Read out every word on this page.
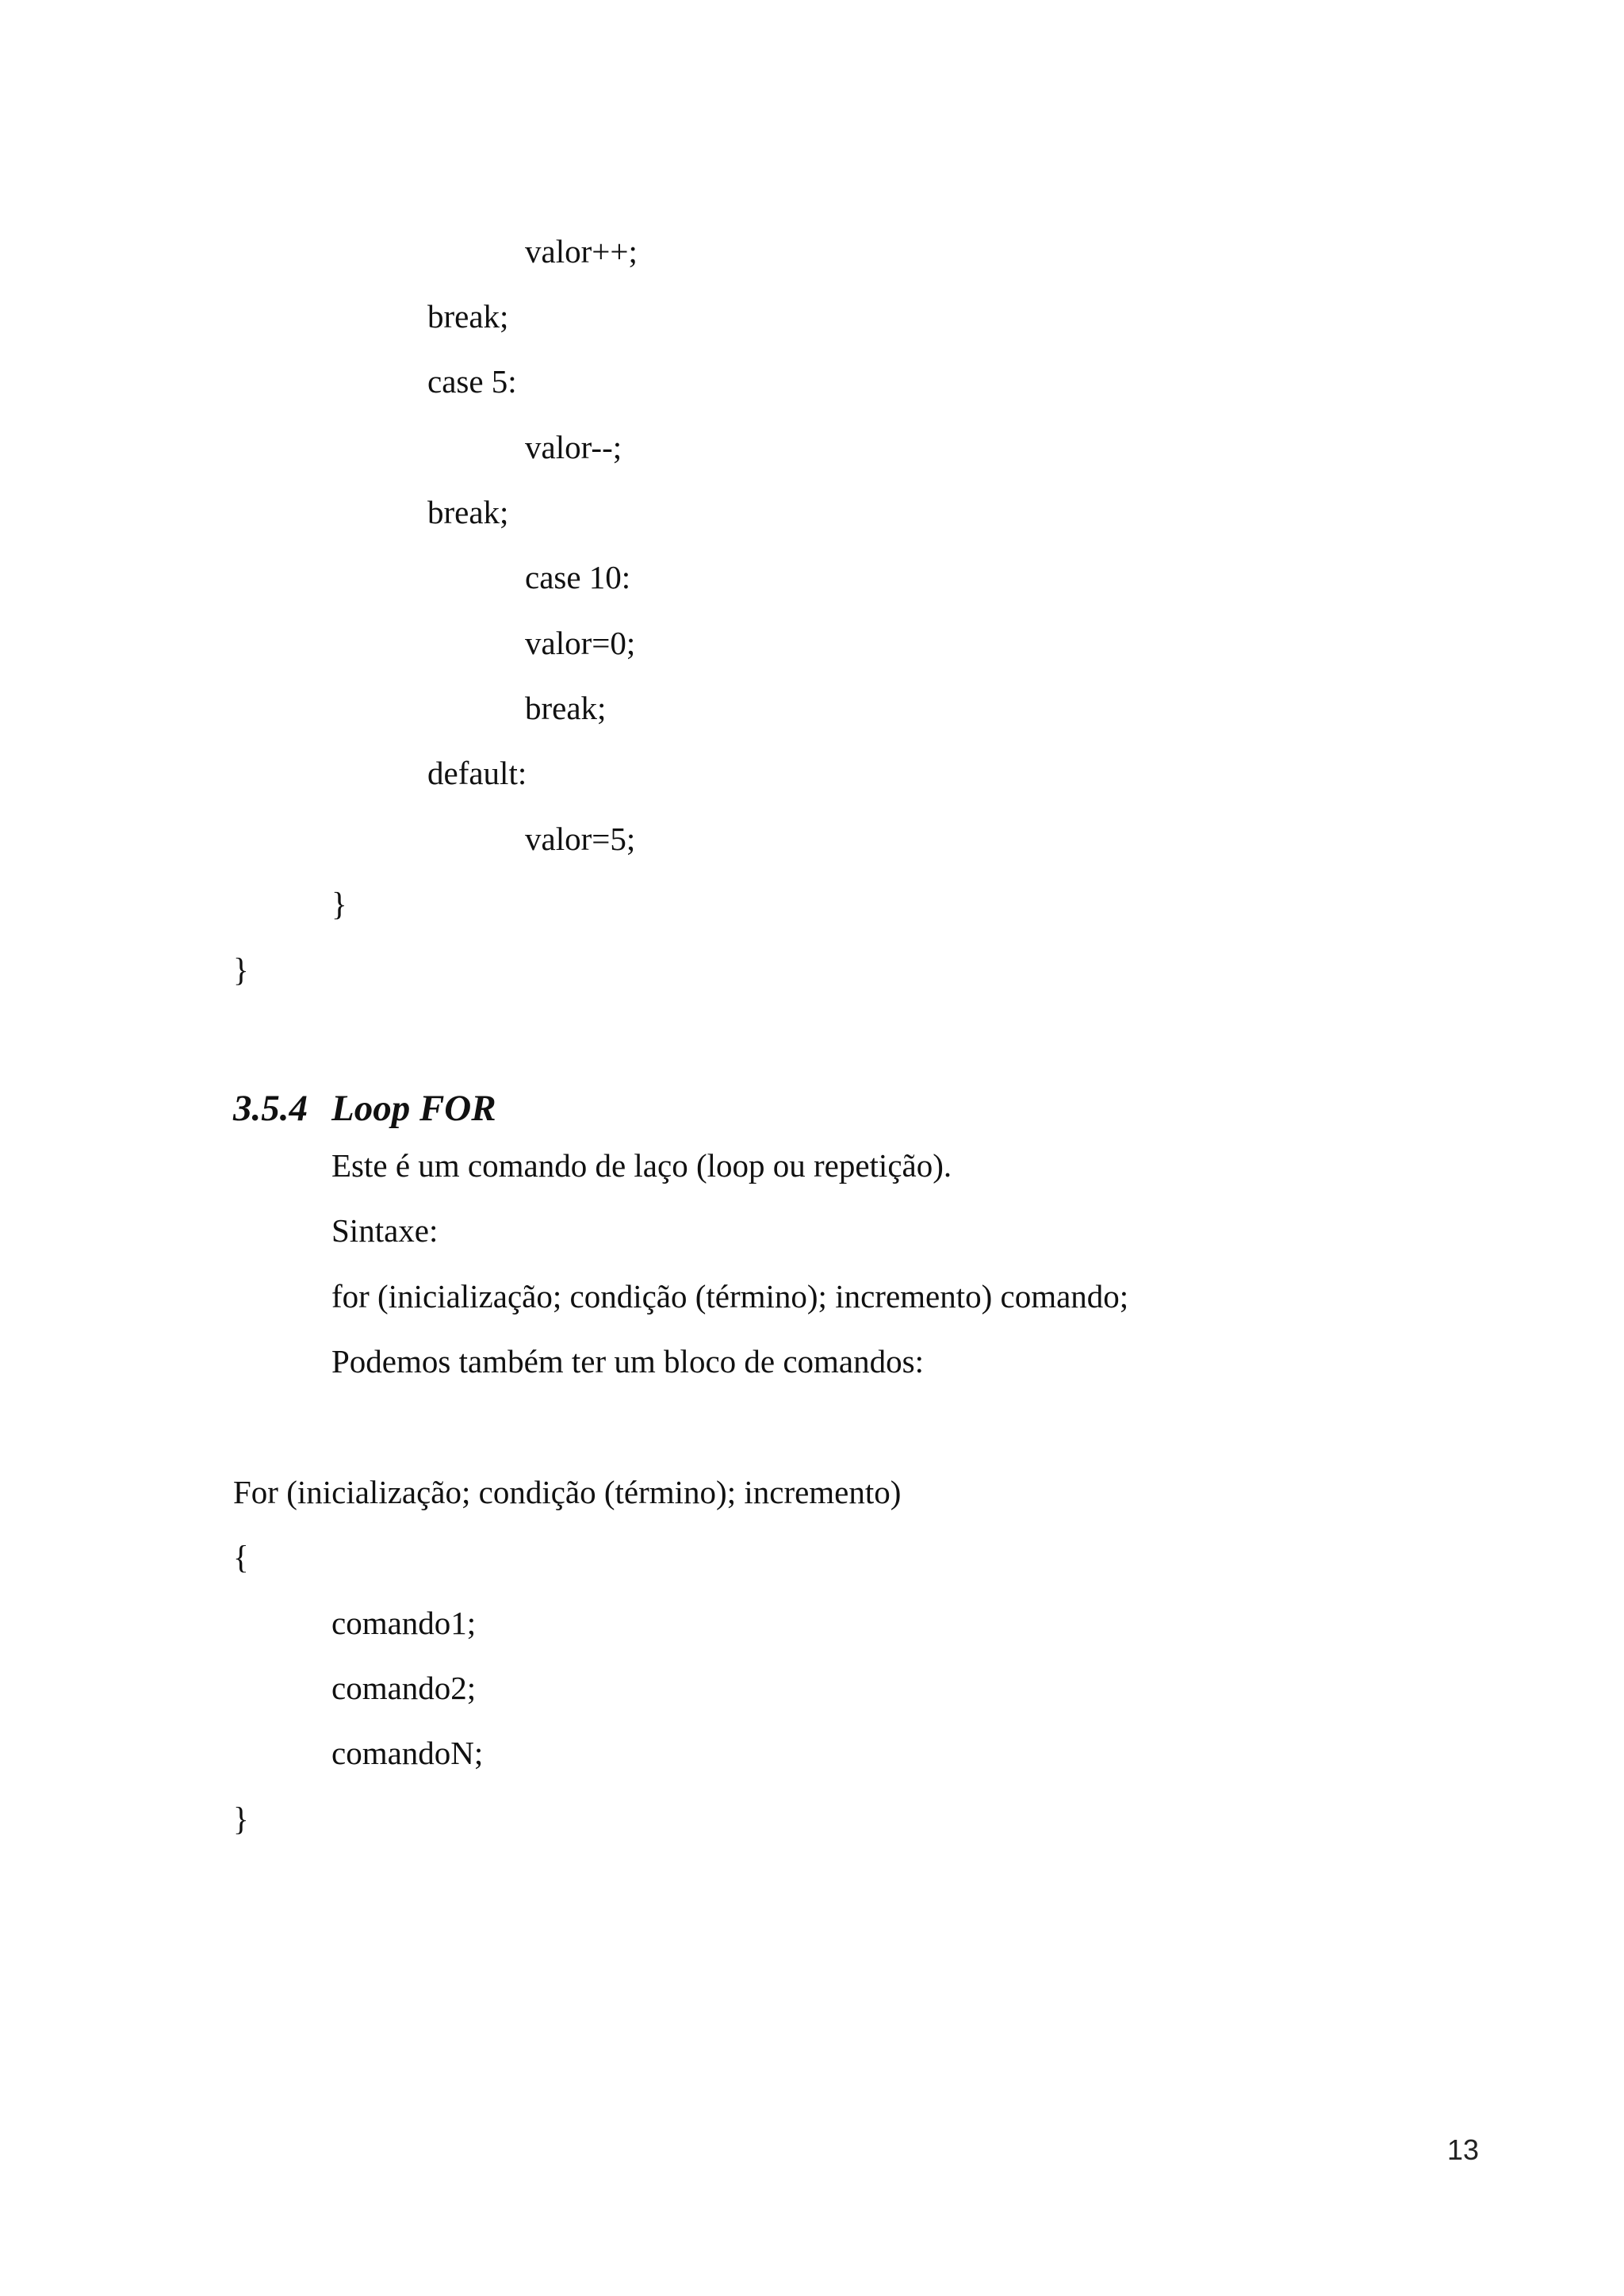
valor++;
break;
case 5:
valor--;
break;
case 10:
valor=0;
break;
default:
valor=5;
}
}
3.5.4 Loop FOR
Este é um comando de laço (loop ou repetição).
Sintaxe:
for (inicialização; condição (término); incremento) comando;
Podemos também ter um bloco de comandos:
For (inicialização; condição (término); incremento)
{
comando1;
comando2;
comandoN;
}
13
